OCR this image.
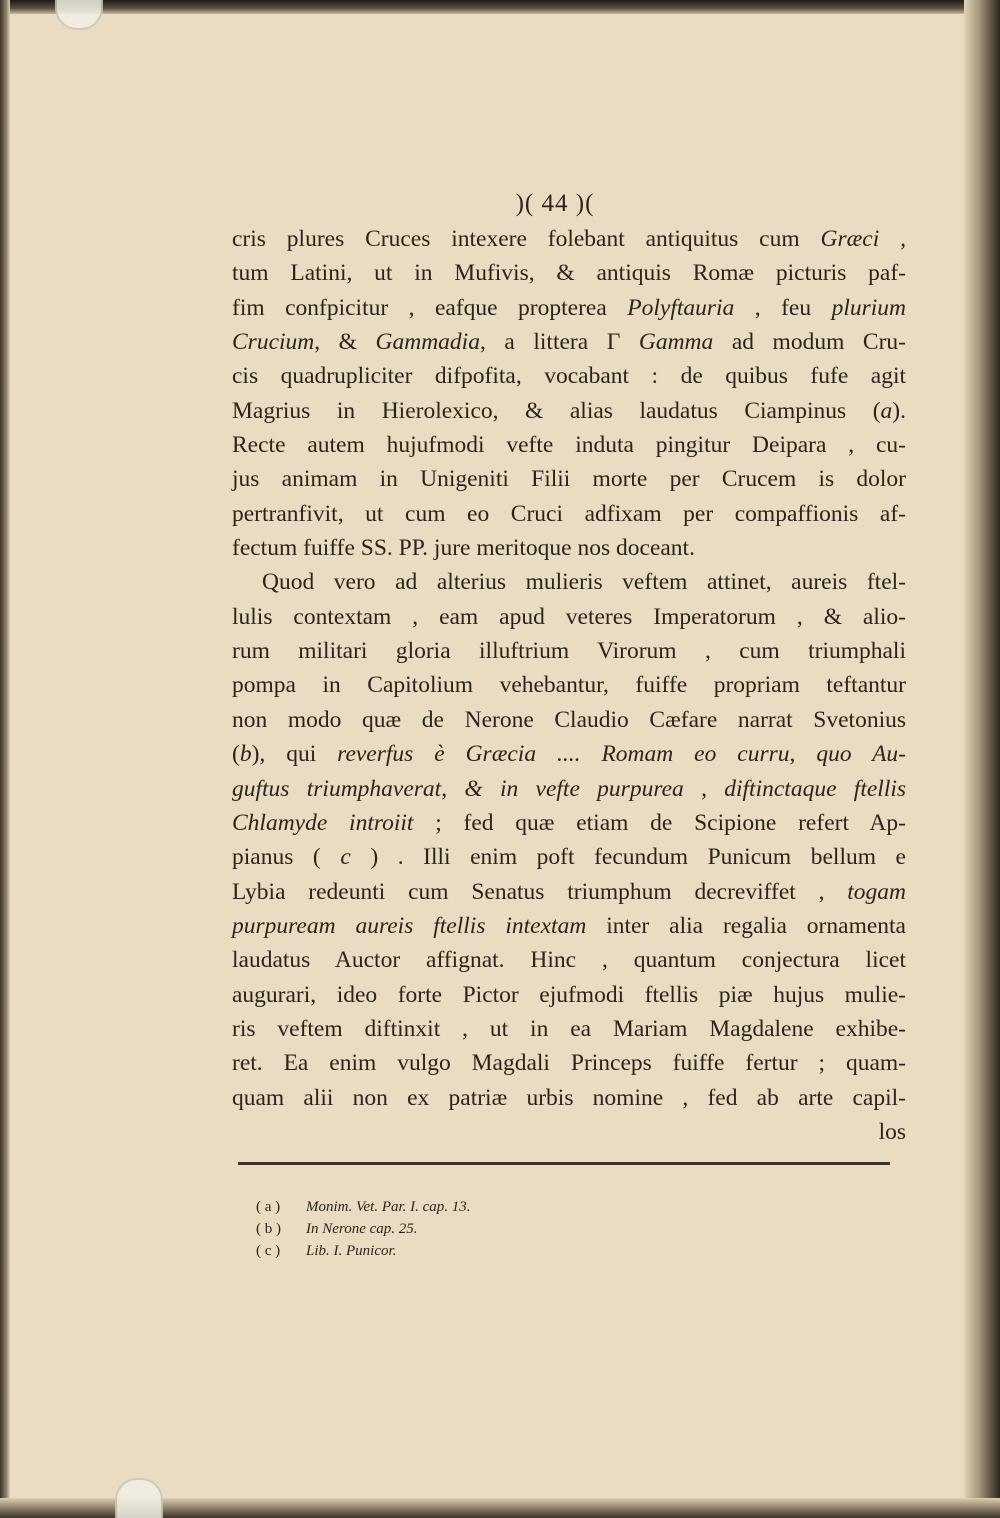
)( 44 )(
cris plures Cruces intexere folebant antiquitus cum Græci ,
tum Latini, ut in Mufivis, & antiquis Romæ picturis paf-
fim confpicitur , eafque propterea Polyftauria , feu plurium
Crucium, & Gammadia, a littera Γ Gamma ad modum Cru-
cis quadrupliciter difpofita, vocabant : de quibus fufe agit
Magrius in Hierolexico, & alias laudatus Ciampinus (a).
Recte autem hujufmodi vefte induta pingitur Deipara , cu-
jus animam in Unigeniti Filii morte per Crucem is dolor
pertranfivit, ut cum eo Cruci adfixam per compaffionis af-
fectum fuiffe SS. PP. jure meritoque nos doceant.
Quod vero ad alterius mulieris veftem attinet, aureis ftel-
lulis contextam , eam apud veteres Imperatorum , & alio-
rum militari gloria illuftrium Virorum , cum triumphali
pompa in Capitolium vehebantur, fuiffe propriam teftantur
non modo quæ de Nerone Claudio Cæfare narrat Svetonius
(b), qui reverfus è Græcia .... Romam eo curru, quo Au-
guftus triumphaverat, & in vefte purpurea , diftinctaque ftellis
Chlamyde introiit ; fed quæ etiam de Scipione refert Ap-
pianus ( c ) . Illi enim poft fecundum Punicum bellum e
Lybia redeunti cum Senatus triumphum decreviffet , togam
purpuream aureis ftellis intextam inter alia regalia ornamenta
laudatus Auctor affignat. Hinc , quantum conjectura licet
augurari, ideo forte Pictor ejufmodi ftellis piæ hujus mulie-
ris veftem diftinxit , ut in ea Mariam Magdalene exhibe-
ret. Ea enim vulgo Magdali Princeps fuiffe fertur ; quam-
quam alii non ex patriæ urbis nomine , fed ab arte capil-
los
( a ) Monim. Vet. Par. I. cap. 13.
( b ) In Nerone cap. 25.
( c ) Lib. I. Punicor.
